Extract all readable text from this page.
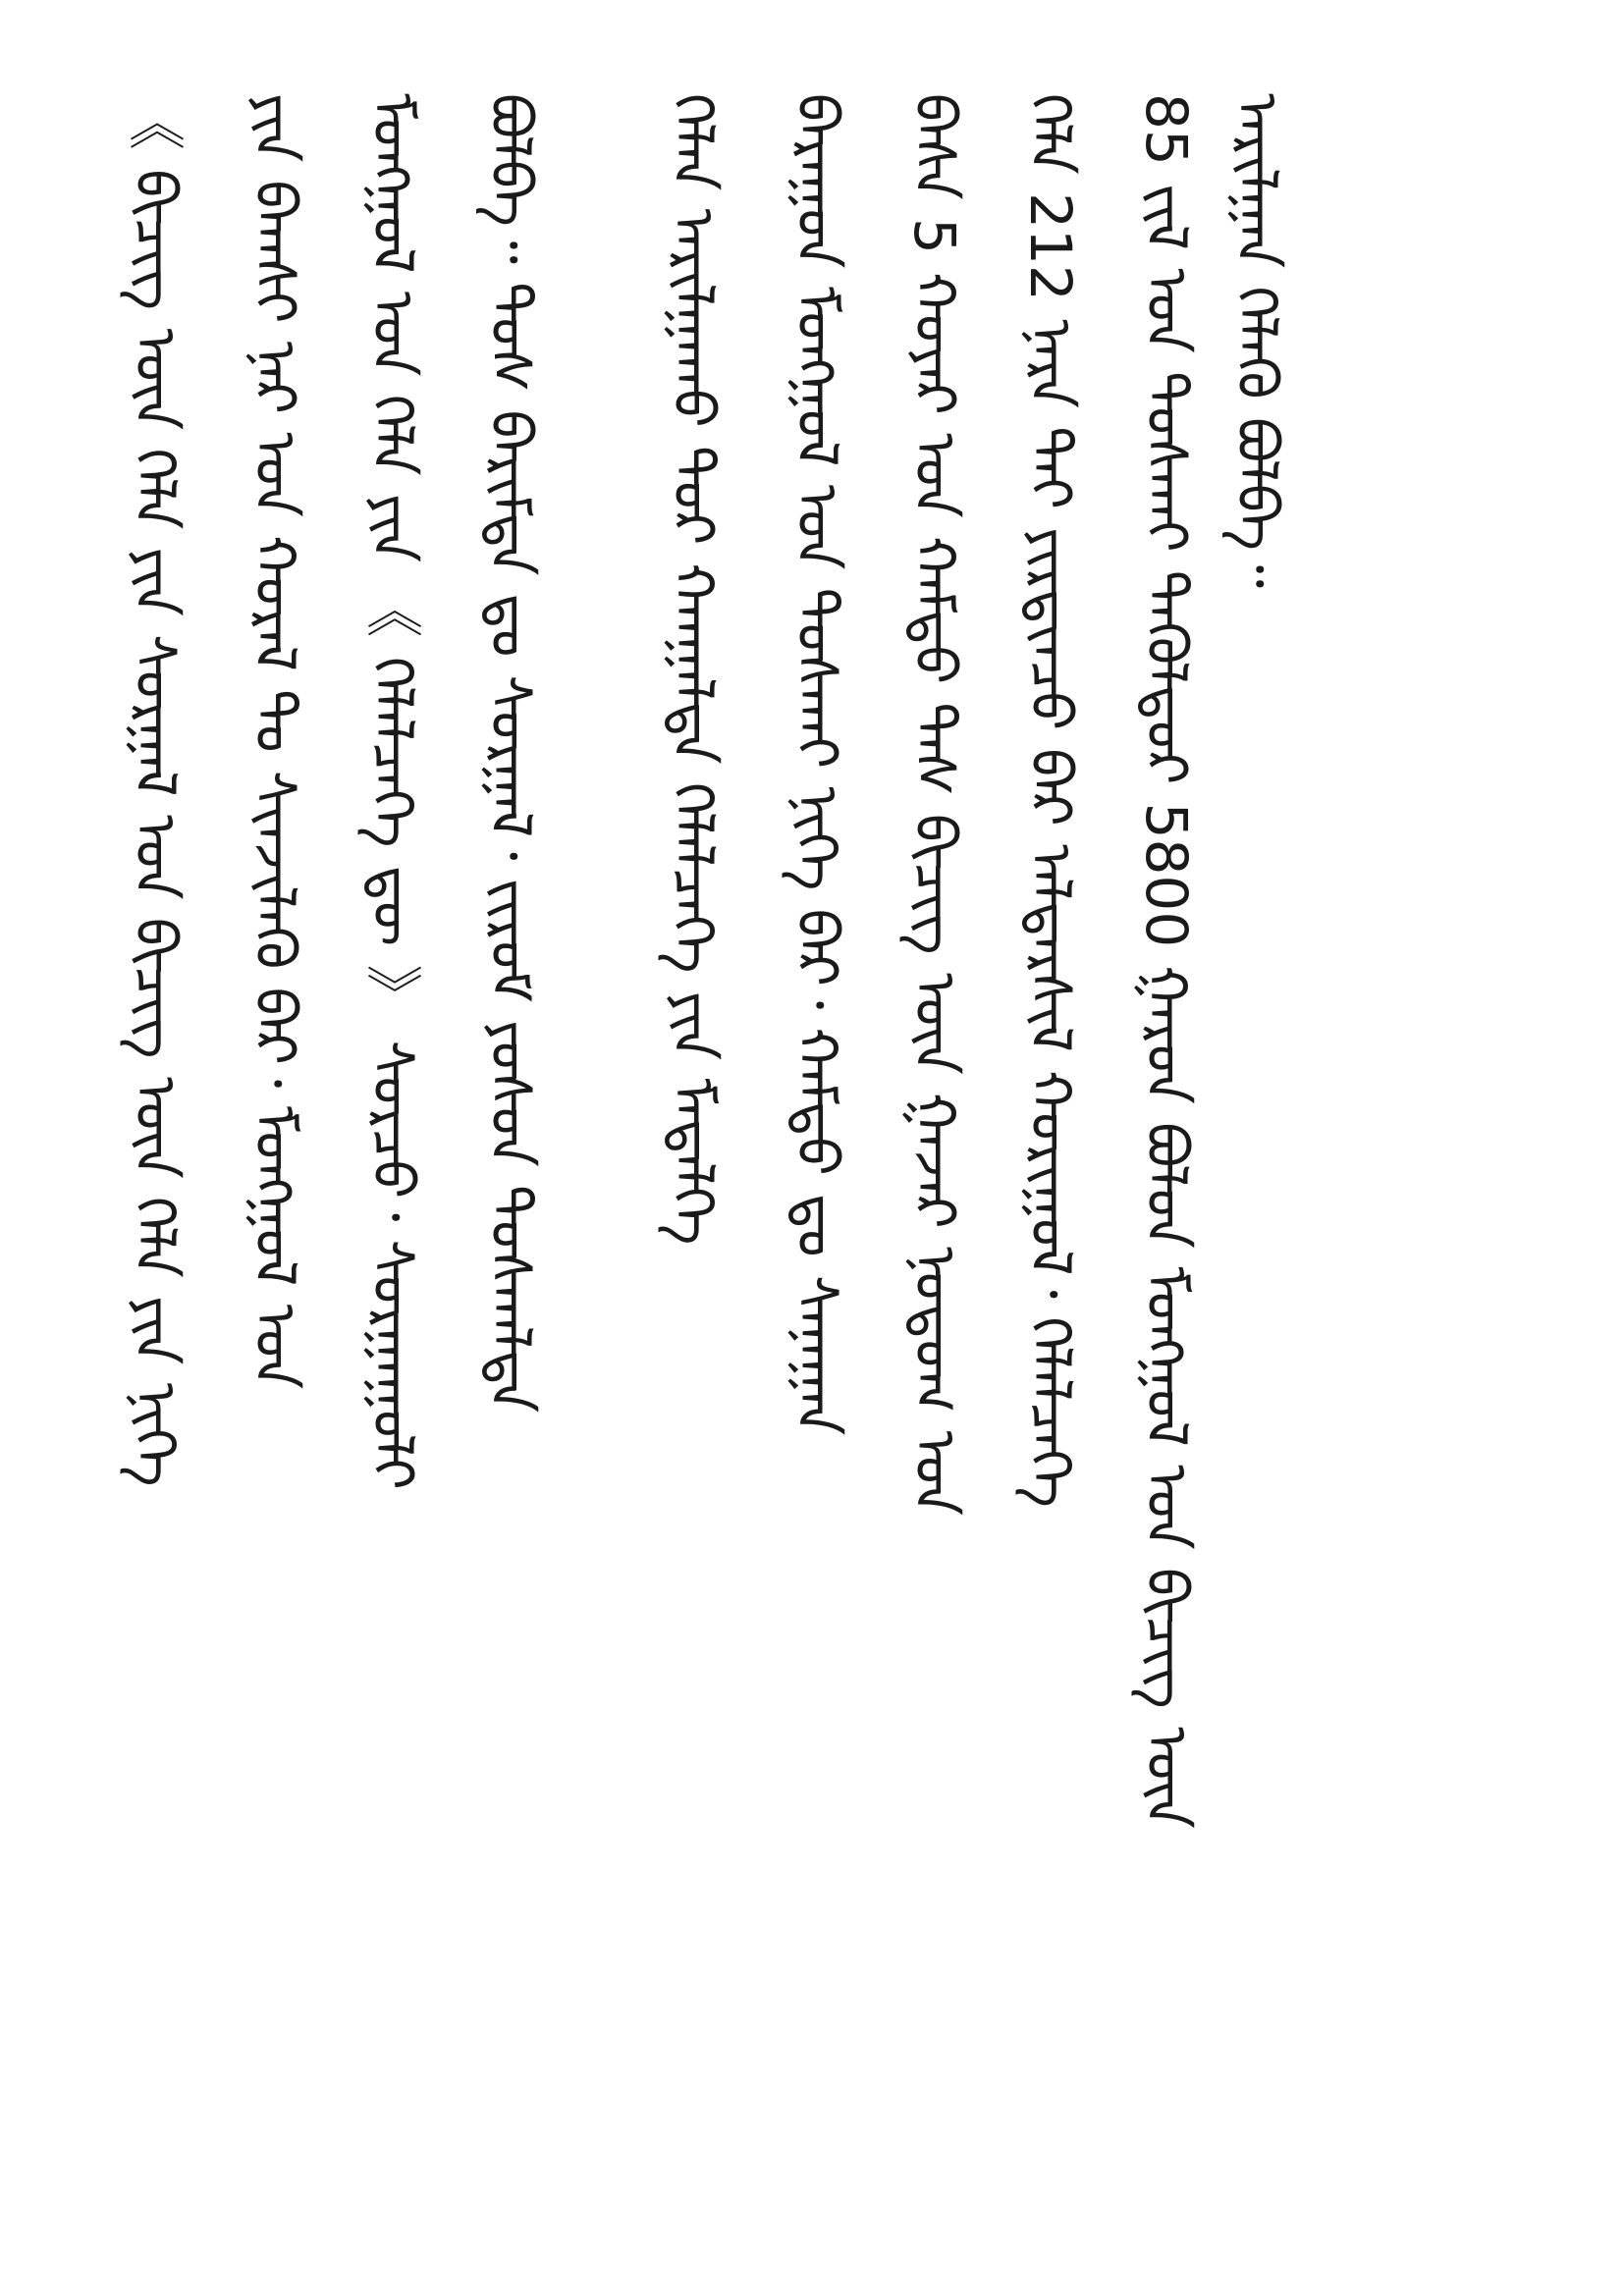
ᠠᠷᠢᠯᠭᠠᠨ ᠬᠡᠯᠡᠬᠦ ᠪᠣᠯᠪᠠ᠃
85 ᠵᠢᠯ ᠤᠨ ᠲᠤᠰᠭᠠᠢ ᠲᠡᠭᠦᠯᠳᠦᠷ 5800 ᠭᠠᠷᠤᠨ ᠪᠣᠯᠤᠨ ᠮᠣᠩᠭᠣᠯ ᠤᠨ ᠪᠢᠴᠢᠭ ᠦᠨ
ᠬᠡᠯᠡ 212 ᠨᠡᠷᠡ ᠲᠠᠢ ᠶᠢᠷᠲᠢᠨᠴᠦ ᠪᠡᠷ ᠠᠯᠳᠠᠷᠰᠢᠯ ᠬᠣᠷᠢᠭᠣᠯ᠂ ᠬᠡᠯᠡᠯᠴᠡᠭᠡ
ᠪᠠᠰᠠ 5 ᠬᠣᠶᠠᠷ ᠤᠨ ᠬᠠᠮᠲᠤ ᠲᠠᠰ ᠪᠢᠴᠢᠭ ᠦᠨ ᠭᠠᠵᠠᠷ ᠨᠤᠲᠤᠭ ᠤᠨ
ᠪᠠᠷᠠᠭᠤᠨ ᠮᠣᠩᠭᠣᠯ ᠤᠨ ᠲᠤᠰᠭᠠᠢ ᠨᠢᠭᠡ ᠪᠡᠷ᠂ ᠬᠠᠮᠲᠤ ᠳᠤ ᠰᠠᠨᠠᠭᠠᠨ
ᠬᠡᠯᠡᠨ ᠠᠷᠢᠯᠭᠠᠬᠤ ᠳᠤᠷ ᠬᠠᠨᠭᠠᠯᠲᠠ ᠬᠡᠯᠡᠯᠴᠡᠭᠡ ᠶᠢᠨ ᠮᠡᠳᠡᠯᠭᠡ
ᠪᠣᠯᠪᠠ᠃ ᠲᠤᠰ ᠪᠠᠷᠢᠮᠲᠠ ᠳᠤ ᠰᠤᠷᠭᠠᠯ᠂ ᠵᠢᠷᠤᠮ ᠶᠣᠰᠤᠨ ᠲᠤᠰᠬᠠᠯᠲᠠ
ᠮᠣᠩᠭᠣᠯ ᠤᠨ ᠬᠡᠯᠡ ᠶᠢᠨ 《 ᠬᠡᠯᠡᠯᠴᠡᠭᠡ ᠳᠦ 》 ᠰᠤᠷᠴᠤ᠂ ᠰᠤᠷᠭᠠᠭᠤᠯᠢ
ᠶᠢᠨ ᠪᠠᠭᠰᠢ ᠨᠠᠷ ᠤᠨ ᠬᠤᠷᠠᠯ ᠲᠤ ᠰᠢᠨᠵᠢᠯᠡᠬᠦ ᠪᠠᠷ᠂ ᠮᠣᠩᠭᠣᠯ ᠤᠨ
《 ᠪᠢᠴᠢᠭ ᠦᠨ ᠬᠡᠯᠡ ᠶᠢᠨ ᠰᠤᠷᠭᠠᠯ ᠤᠨ ᠪᠢᠴᠢᠭ ᠦᠨ ᠬᠡᠯᠡ ᠶᠢᠨ ᠨᠢᠭᠡ
